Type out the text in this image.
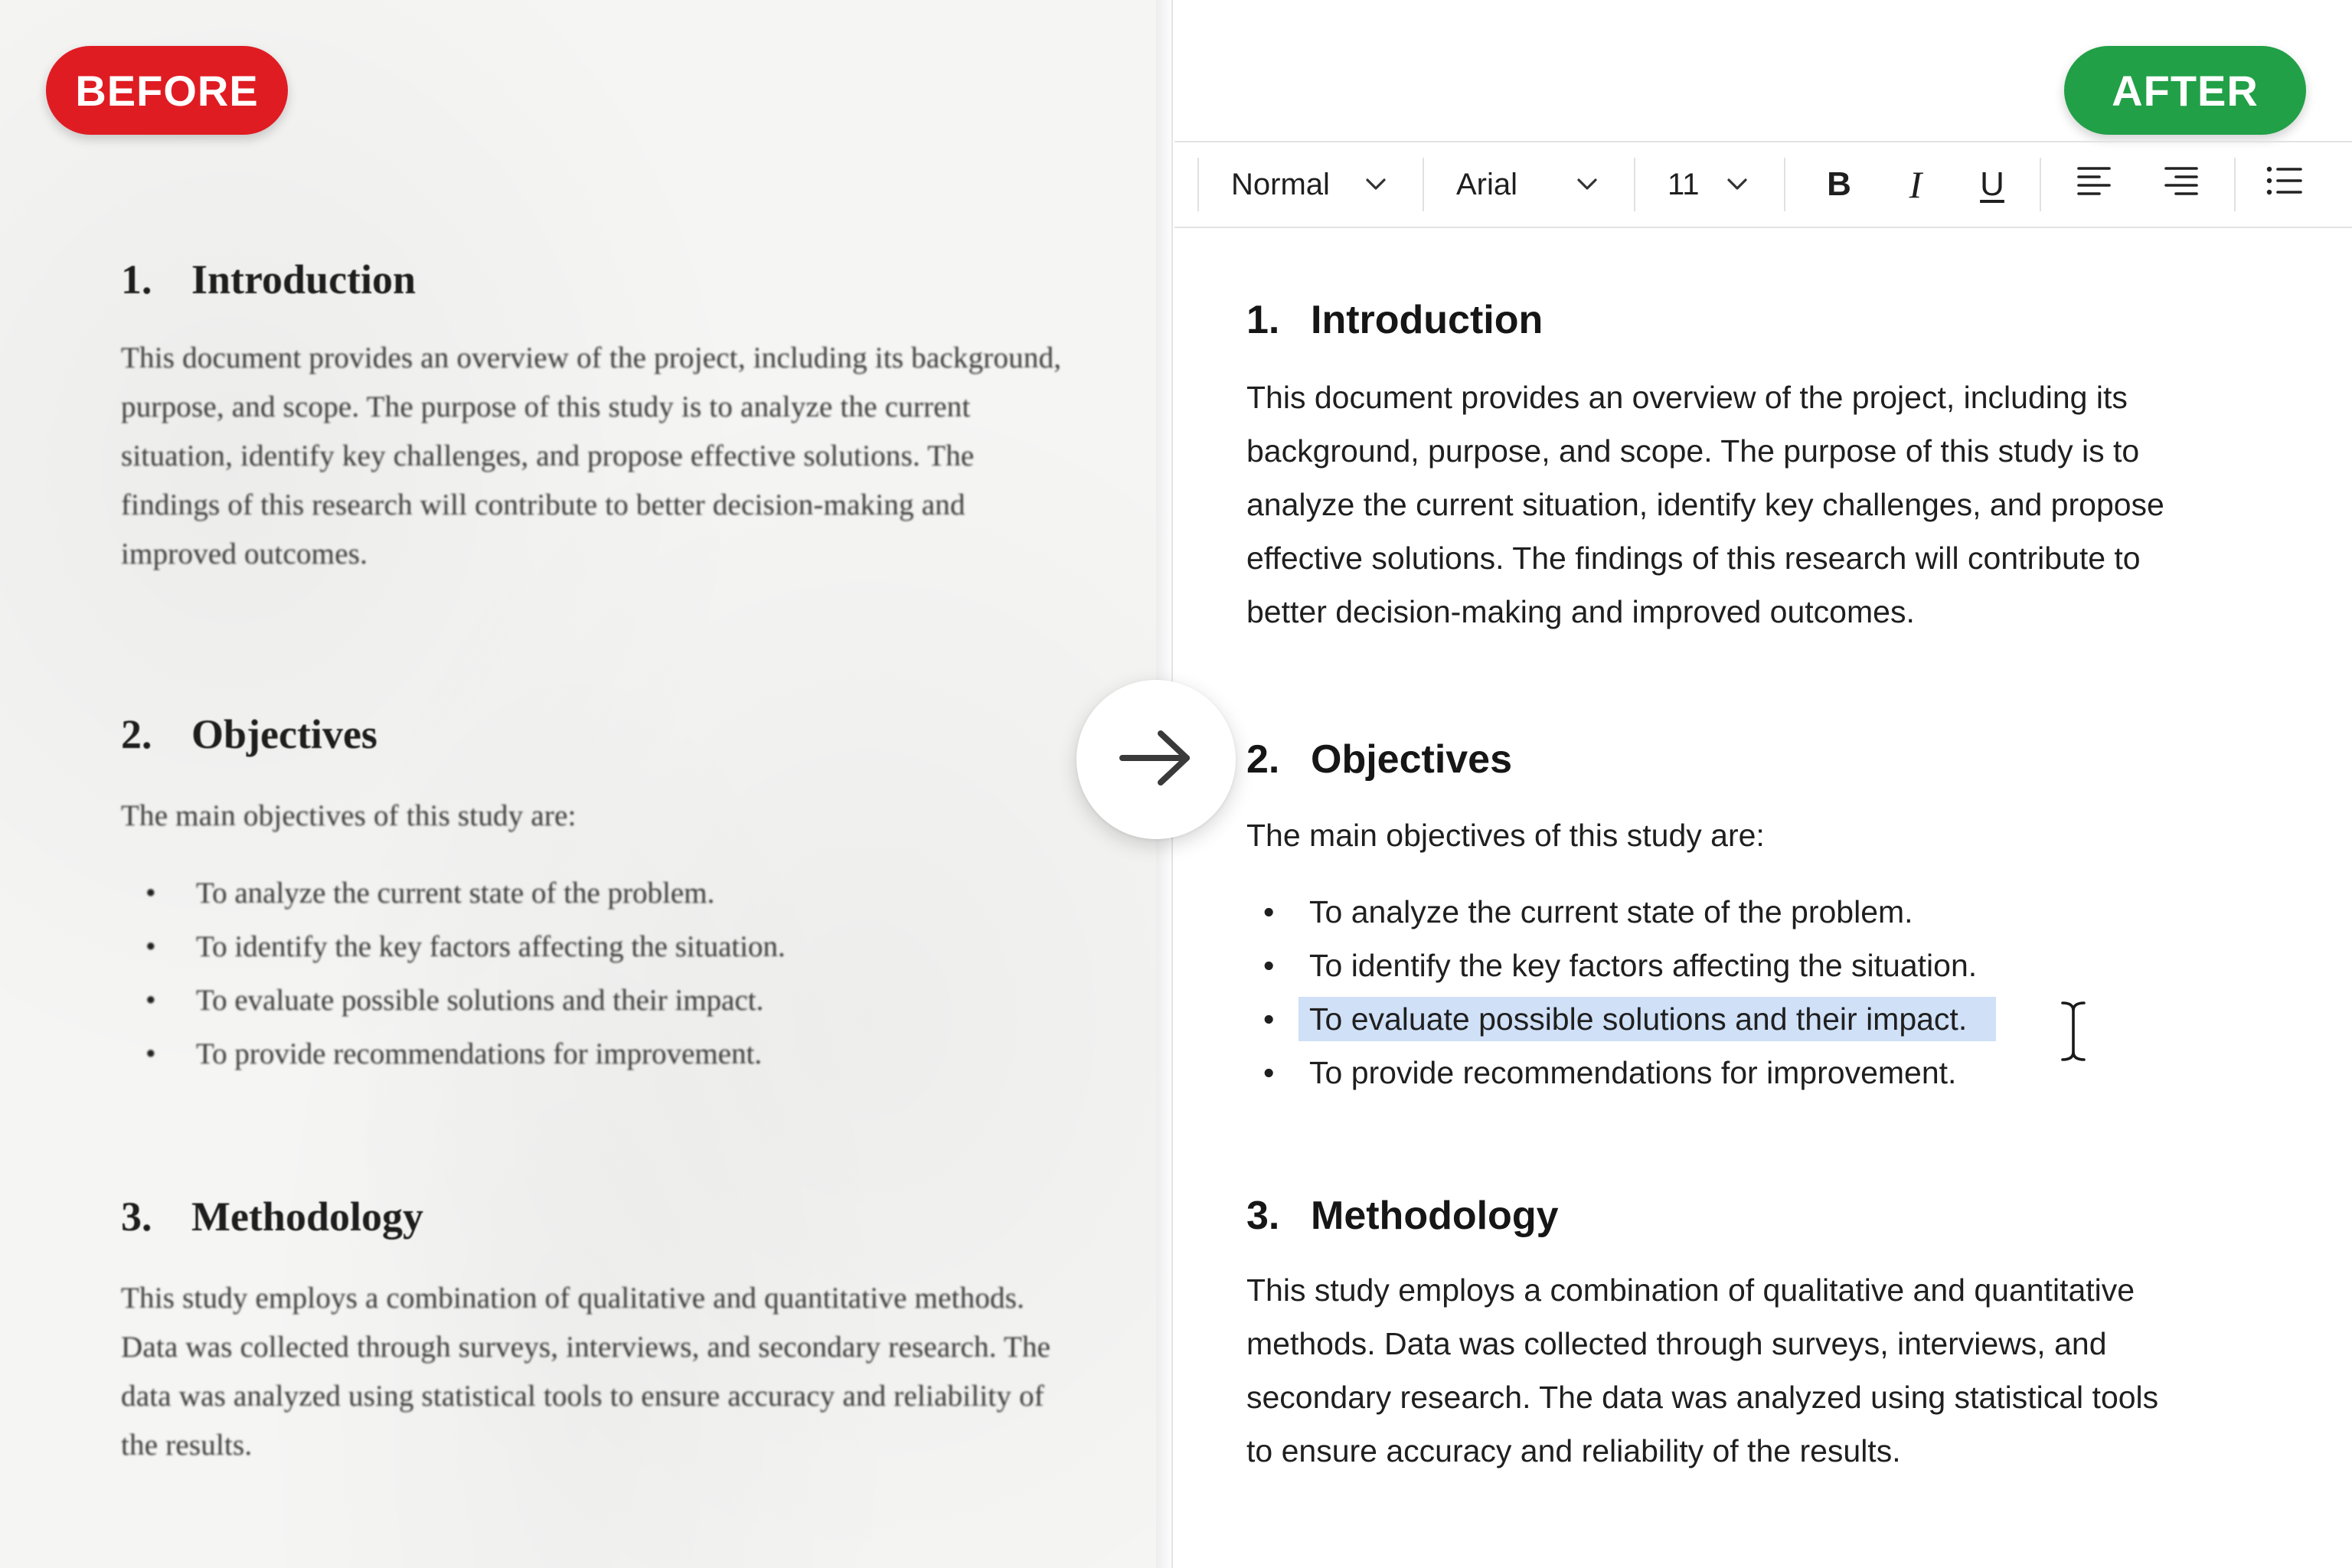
BEFORE
1. Introduction
This document provides an overview of the project, including its background, purpose, and scope. The purpose of this study is to analyze the current situation, identify key challenges, and propose effective solutions. The findings of this research will contribute to better decision-making and improved outcomes.
2. Objectives
The main objectives of this study are:
• To analyze the current state of the problem.
• To identify the key factors affecting the situation.
• To evaluate possible solutions and their impact.
• To provide recommendations for improvement.
3. Methodology
This study employs a combination of qualitative and quantitative methods. Data was collected through surveys, interviews, and secondary research. The data was analyzed using statistical tools to ensure accuracy and reliability of the results.
AFTER
Normal	Arial	11	B	I	U
1. Introduction
This document provides an overview of the project, including its
background, purpose, and scope. The purpose of this study is to
analyze the current situation, identify key challenges, and propose
effective solutions. The findings of this research will contribute to
better decision-making and improved outcomes.
2. Objectives
The main objectives of this study are:
• To analyze the current state of the problem.
• To identify the key factors affecting the situation.
• To evaluate possible solutions and their impact.
• To provide recommendations for improvement.
3. Methodology
This study employs a combination of qualitative and quantitative
methods. Data was collected through surveys, interviews, and
secondary research. The data was analyzed using statistical tools
to ensure accuracy and reliability of the results.
